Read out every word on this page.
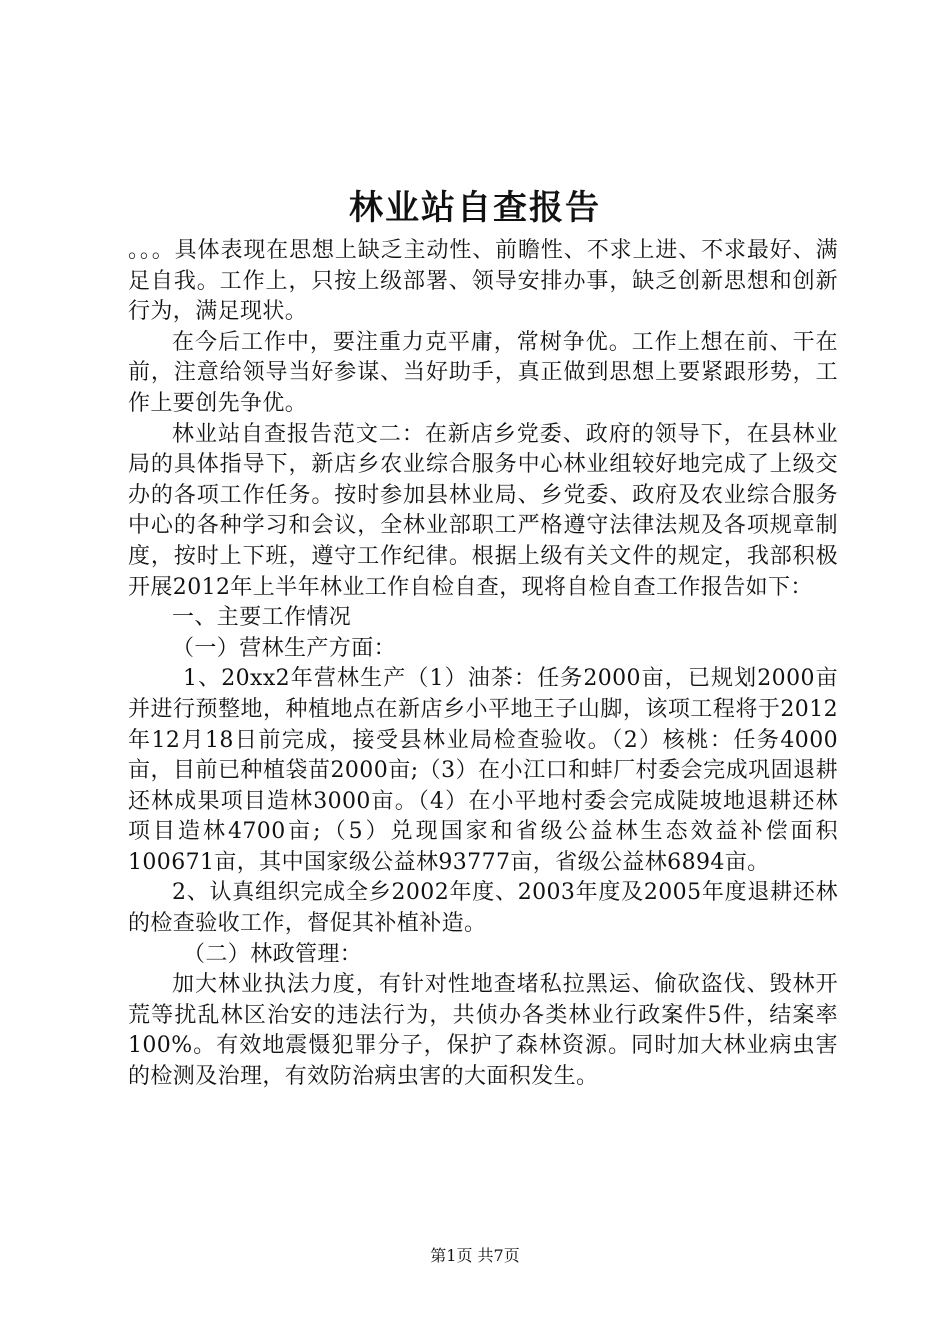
林业站自查报告

。。。具体表现在思想上缺乏主动性、前瞻性、不求上进、不求最好、满足自我。工作上，只按上级部署、领导安排办事，缺乏创新思想和创新行为，满足现状。

在今后工作中，要注重力克平庸，常树争优。工作上想在前、干在前，注意给领导当好参谋、当好助手，真正做到思想上要紧跟形势，工作上要创先争优。

林业站自查报告范文二：在新店乡党委、政府的领导下，在县林业局的具体指导下，新店乡农业综合服务中心林业组较好地完成了上级交办的各项工作任务。按时参加县林业局、乡党委、政府及农业综合服务中心的各种学习和会议，全林业部职工严格遵守法律法规及各项规章制度，按时上下班，遵守工作纪律。根据上级有关文件的规定，我部积极开展2012年上半年林业工作自检自查，现将自检自查工作报告如下：

一、主要工作情况

（一）营林生产方面：

1、20xx2年营林生产（1）油茶：任务2000亩，已规划2000亩并进行预整地，种植地点在新店乡小平地王子山脚，该项工程将于2012年12月18日前完成，接受县林业局检查验收。（2）核桃：任务4000亩，目前已种植袋苗2000亩;（3）在小江口和蚌厂村委会完成巩固退耕还林成果项目造林3000亩。（4）在小平地村委会完成陡坡地退耕还林项目造林4700亩;（5）兑现国家和省级公益林生态效益补偿面积100671亩，其中国家级公益林93777亩，省级公益林6894亩。

2、认真组织完成全乡2002年度、2003年度及2005年度退耕还林的检查验收工作，督促其补植补造。

（二）林政管理：

加大林业执法力度，有针对性地查堵私拉黑运、偷砍盗伐、毁林开荒等扰乱林区治安的违法行为，共侦办各类林业行政案件5件，结案率100%。有效地震慑犯罪分子，保护了森林资源。同时加大林业病虫害的检测及治理，有效防治病虫害的大面积发生。

第1页 共7页
